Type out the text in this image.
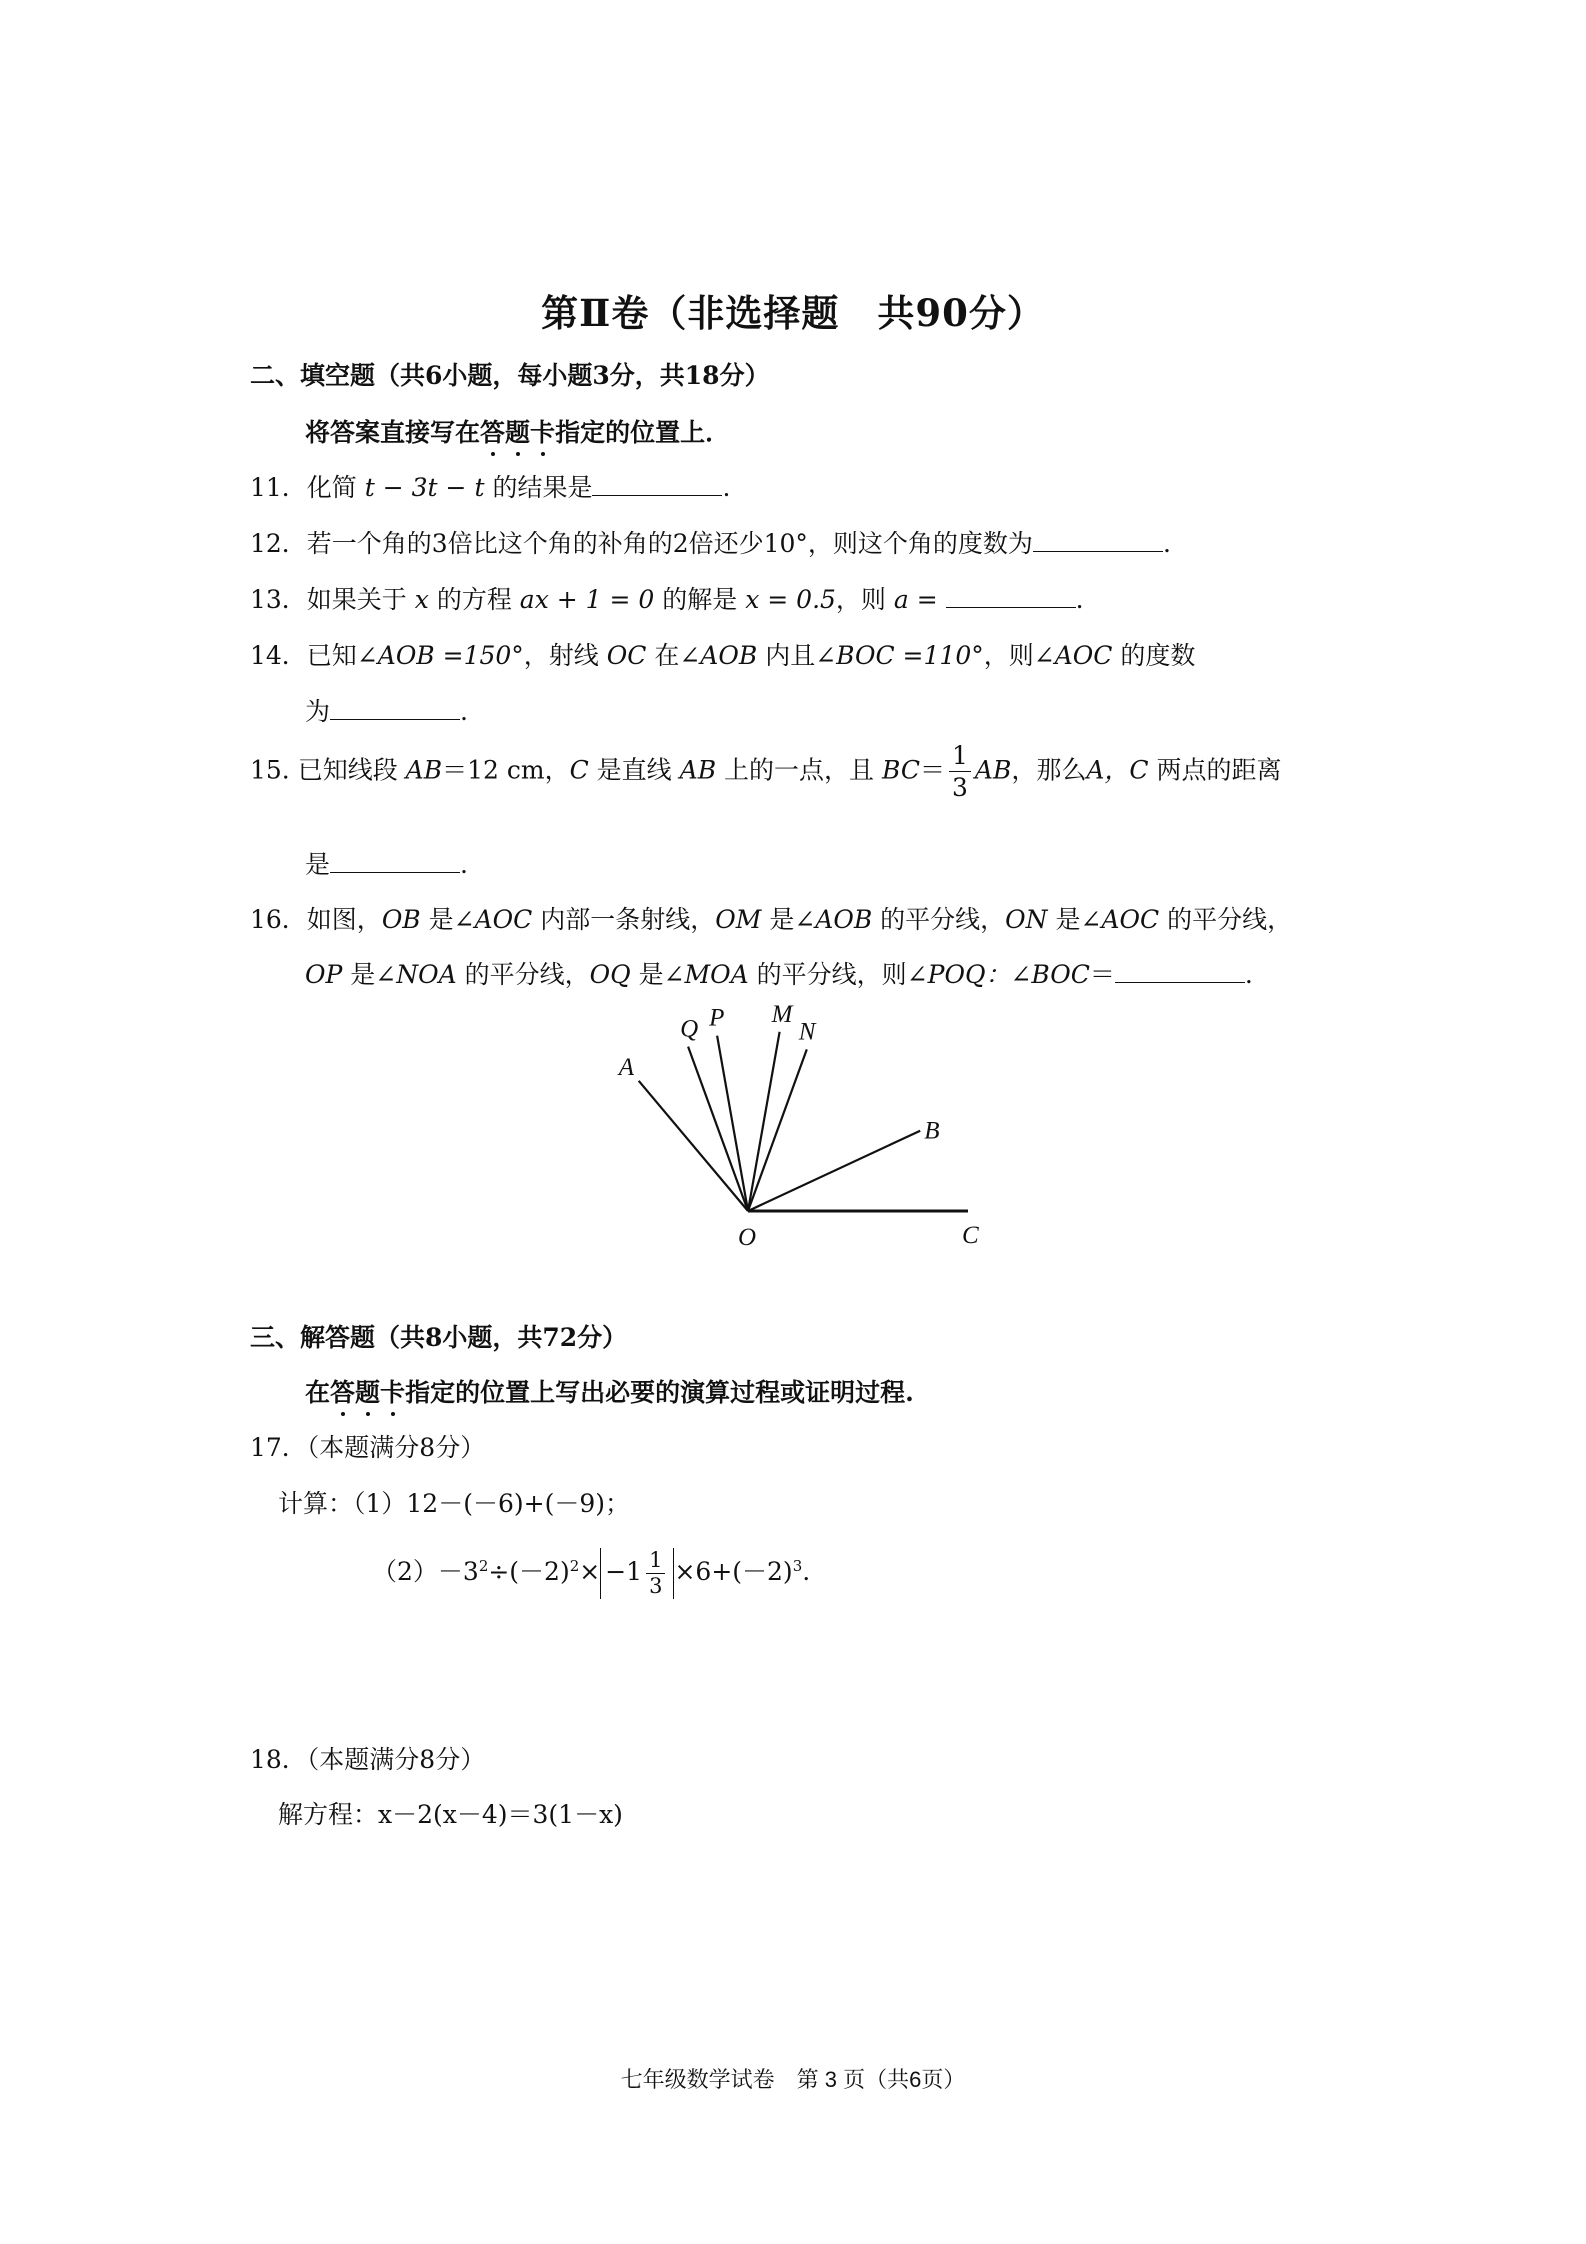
第Ⅱ卷（非选择题　共90分）
二、填空题（共6小题，每小题3分，共18分）
将答案直接写在答题卡指定的位置上．
11．化简 t − 3t − t 的结果是	.
12．若一个角的3倍比这个角的补角的2倍还少10°，则这个角的度数为	.
13．如果关于 x 的方程 ax + 1 = 0 的解是 x = 0.5，则 a =	.
14．已知∠AOB =150°，射线 OC 在∠AOB 内且∠BOC =110°，则∠AOC 的度数
为	.
15. 已知线段 AB＝12 cm，C 是直线 AB 上的一点，且 $BC= \frac{1}{3}$ AB，那么A，C 两点的距离
是	.
16．如图，OB 是∠AOC 内部一条射线，OM 是∠AOB 的平分线，ON 是∠AOC 的平分线，
OP 是∠NOA 的平分线，OQ 是∠MOA 的平分线，则∠POQ：∠BOC＝	.
A
Q P M
N
B
C
O
三、解答题（共8小题，共72分）
在答题卡指定的位置上写出必要的演算过程或证明过程.
17．（本题满分8分）
计算：（1）12－(－6)+(－9)；
$(2)-3^2\div(-2)^2\times -1 \frac{1}{3} \times 6+(-2)^3$.
18．（本题满分8分）
解方程：x－2(x－4)＝3(1－x)
七年级数学试卷　第 3 页（共6页）
